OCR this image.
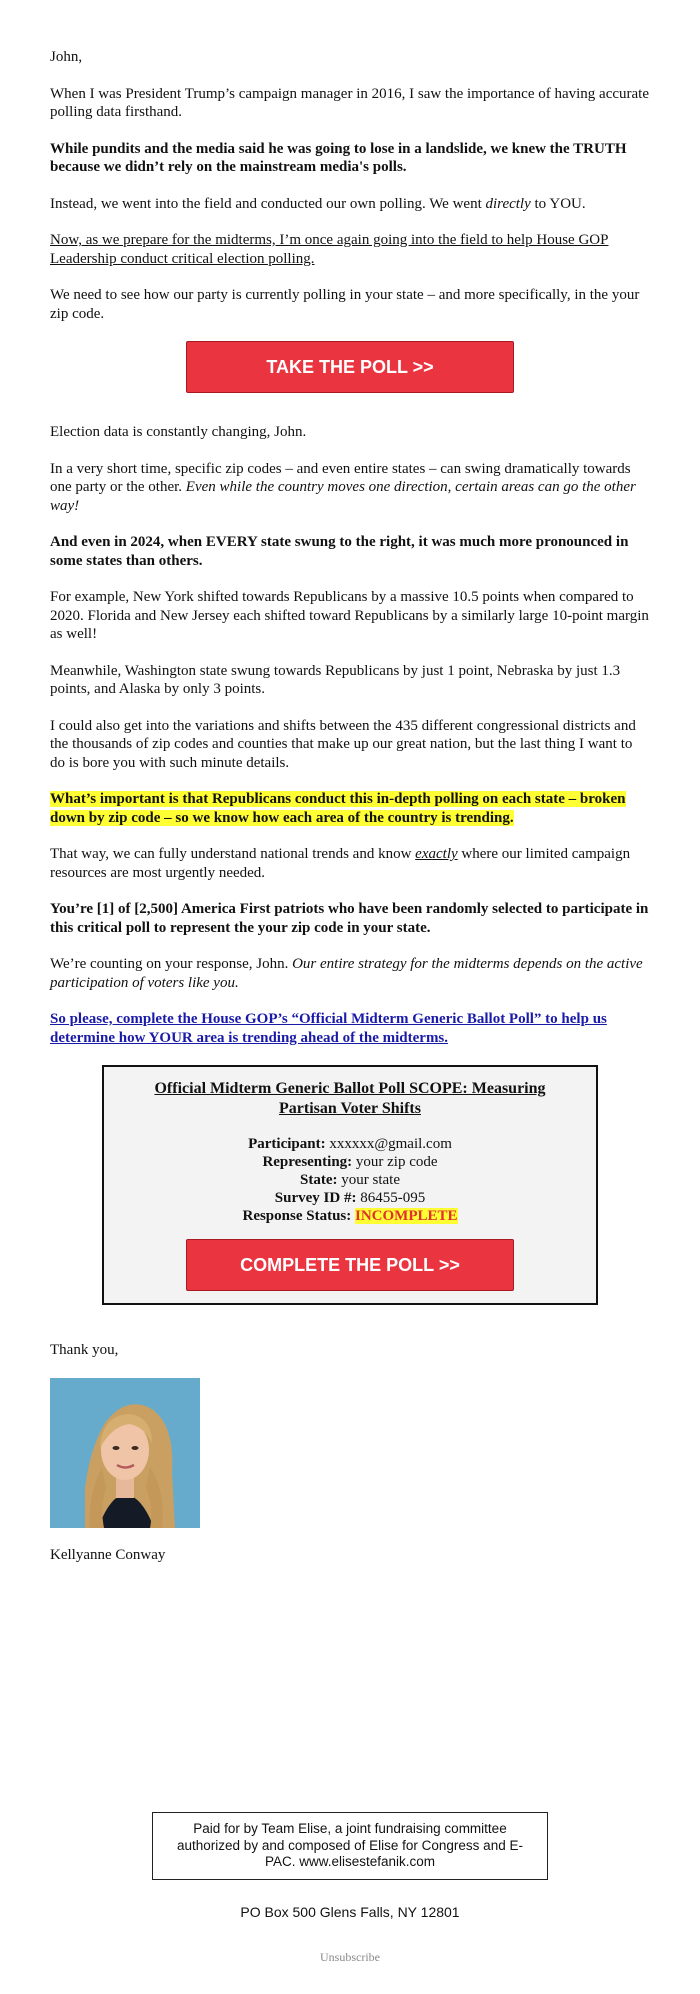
John,

When I was President Trump’s campaign manager in 2016, I saw the importance of having accurate polling data firsthand.

While pundits and the media said he was going to lose in a landslide, we knew the TRUTH because we didn’t rely on the mainstream media's polls.

Instead, we went into the field and conducted our own polling. We went directly to YOU.

Now, as we prepare for the midterms, I’m once again going into the field to help House GOP Leadership conduct critical election polling.

We need to see how our party is currently polling in your state – and more specifically, in the your zip code.

TAKE THE POLL >>

Election data is constantly changing, John.

In a very short time, specific zip codes – and even entire states – can swing dramatically towards one party or the other. Even while the country moves one direction, certain areas can go the other way!

And even in 2024, when EVERY state swung to the right, it was much more pronounced in some states than others.

For example, New York shifted towards Republicans by a massive 10.5 points when compared to 2020. Florida and New Jersey each shifted toward Republicans by a similarly large 10-point margin as well!

Meanwhile, Washington state swung towards Republicans by just 1 point, Nebraska by just 1.3 points, and Alaska by only 3 points.

I could also get into the variations and shifts between the 435 different congressional districts and the thousands of zip codes and counties that make up our great nation, but the last thing I want to do is bore you with such minute details.

What’s important is that Republicans conduct this in-depth polling on each state – broken down by zip code – so we know how each area of the country is trending.

That way, we can fully understand national trends and know exactly where our limited campaign resources are most urgently needed.

You’re [1] of [2,500] America First patriots who have been randomly selected to participate in this critical poll to represent the your zip code in your state.

We’re counting on your response, John. Our entire strategy for the midterms depends on the active participation of voters like you.

So please, complete the House GOP’s “Official Midterm Generic Ballot Poll” to help us determine how YOUR area is trending ahead of the midterms.

Official Midterm Generic Ballot Poll SCOPE: Measuring Partisan Voter Shifts
Participant: xxxxxx@gmail.com
Representing: your zip code
State: your state
Survey ID #: 86455-095
Response Status: INCOMPLETE
COMPLETE THE POLL >>

Thank you,

Kellyanne Conway

Paid for by Team Elise, a joint fundraising committee authorized by and composed of Elise for Congress and E-PAC. www.elisestefanik.com
PO Box 500 Glens Falls, NY 12801
Unsubscribe
